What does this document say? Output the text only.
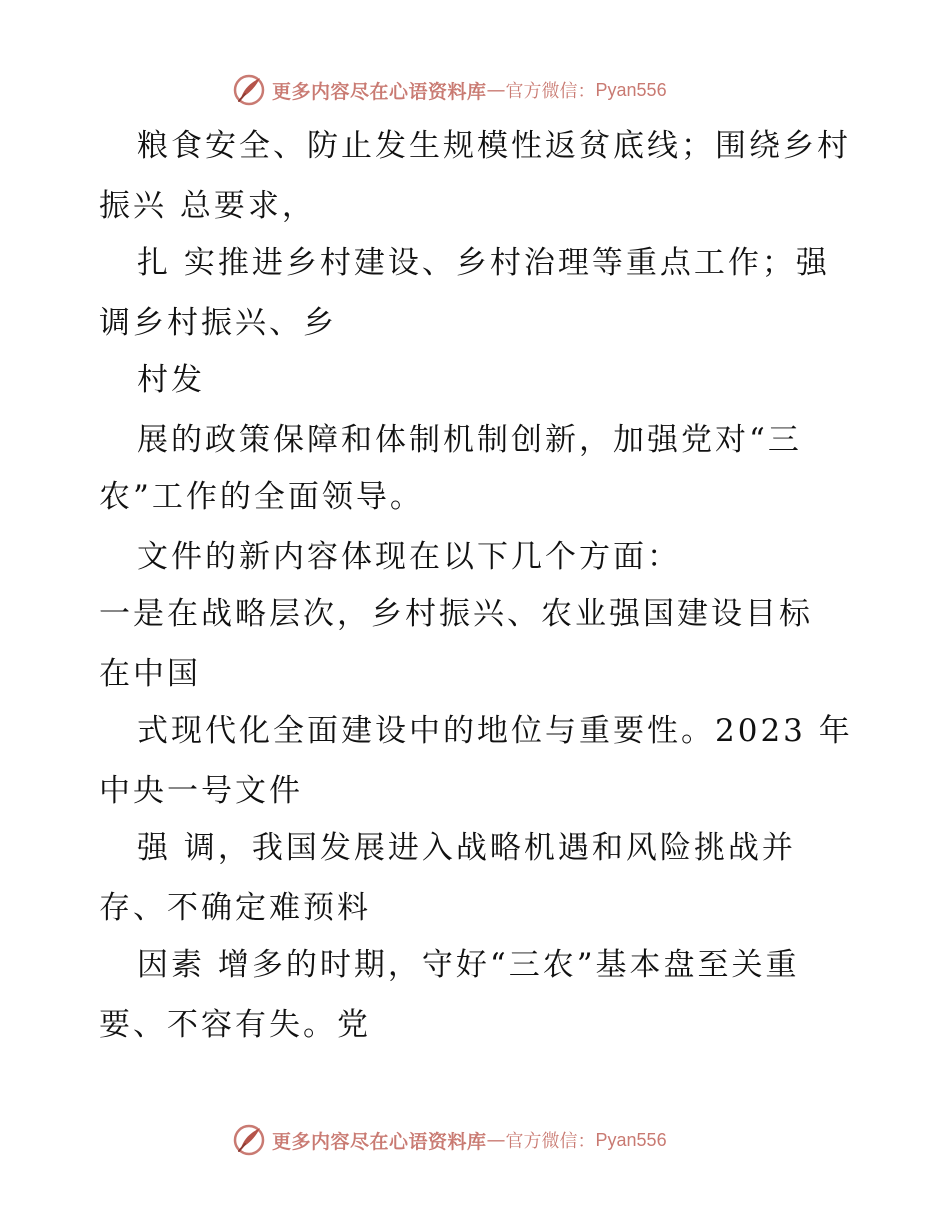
更多内容尽在心语资料库 — 官方微信： Pyan556
粮食安全、防止发生规模性返贫底线；围绕乡村
振兴 总要求，
扎 实推进乡村建设、乡村治理等重点工作；强
调乡村振兴、乡
村发
展的政策保障和体制机制创新，加强党对“三
农”工作的全面领导。
文件的新内容体现在以下几个方面：
一是在战略层次，乡村振兴、农业强国建设目标
在中国
式现代化全面建设中的地位与重要性。2023 年
中央一号文件
强 调，我国发展进入战略机遇和风险挑战并
存、不确定难预料
因素 增多的时期，守好“三农”基本盘至关重
要、不容有失。党
更多内容尽在心语资料库 — 官方微信： Pyan556
